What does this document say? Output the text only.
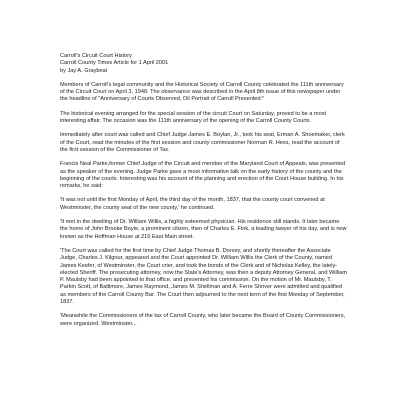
Carroll's Circuit Court History
Carroll County Times Article for 1 April 2001
by Jay A. Graybeal

Members of Carroll's legal community and the Historical Society of Carroll County celebrated the 111th anniversary of the Circuit Court on April 3, 1948. The observance was described in the April 8th issue of this newspaper under the headline of "Anniversary of Courts Observed, Oil Portrait of Carroll Presented:"

The historical evening arranged for the special session of the circuit Court on Saturday, proved to be a most interesting affair. The occasion was the 111th anniversary of the opening of the Carroll County Courts.

Immediately after court was called and Chief Judge James E. Boylan, Jr., took his seat, Erman A. Shoemaker, clerk of the Court, read the minutes of the first session and county commissioner Norman R. Hess, read the account of the first session of the Commissioner of Tax.

Francis Neal Parke,former Chief Judge of the Circuit and member of the Maryland Court of Appeals, was presented as the speaker of the evening. Judge Parke gave a most informative talk on the early history of the county and the beginning of the courts. Interesting was his account of the planning and erection of the Court House building. In his remarks, he said:

'It was not until the first Monday of April, the third day of the month, 1837, that the county court convened at Westminster, the county seat of the new county,' he continued.

'It met in the dwelling of Dr. William Willis, a highly esteemed physician. His residence still stands. It later became the home of John Brooke Boyle, a prominent citizen, then of Charles E. Fink, a leading lawyer of his day, and is now known as the Hoffman House at 216 East Main street.

'The Court was called for the first time by Chief Judge Thomas B. Dorsey, and shortly thereafter the Associate Judge, Charles J. Kilgour, appeared and the Court appointed Dr. William Willis the Clerk of the County, named James Keefer, of Westminster, the Court crier, and took the bonds of the Clerk and of Nicholas Kelley, the lately-elected Sheriff. The prosecuting attorney, now the State's Attorney, was then a deputy Attorney General, and William P. Maulsby had been appointed to that office, and presented his commission. On the motion of Mr. Maulsby, T. Parkin Scott, of Baltimore, James Raymond, James M. Shellman and A. Ferre Shriver were admitted and qualified as members of the Carroll County Bar. The Court then adjourned to the next term of the first Monday of September, 1837.

'Meanwhile the Commissioners of the tax of Carroll County, who later became the Board of County Commissioners, were organized. Westminster...
